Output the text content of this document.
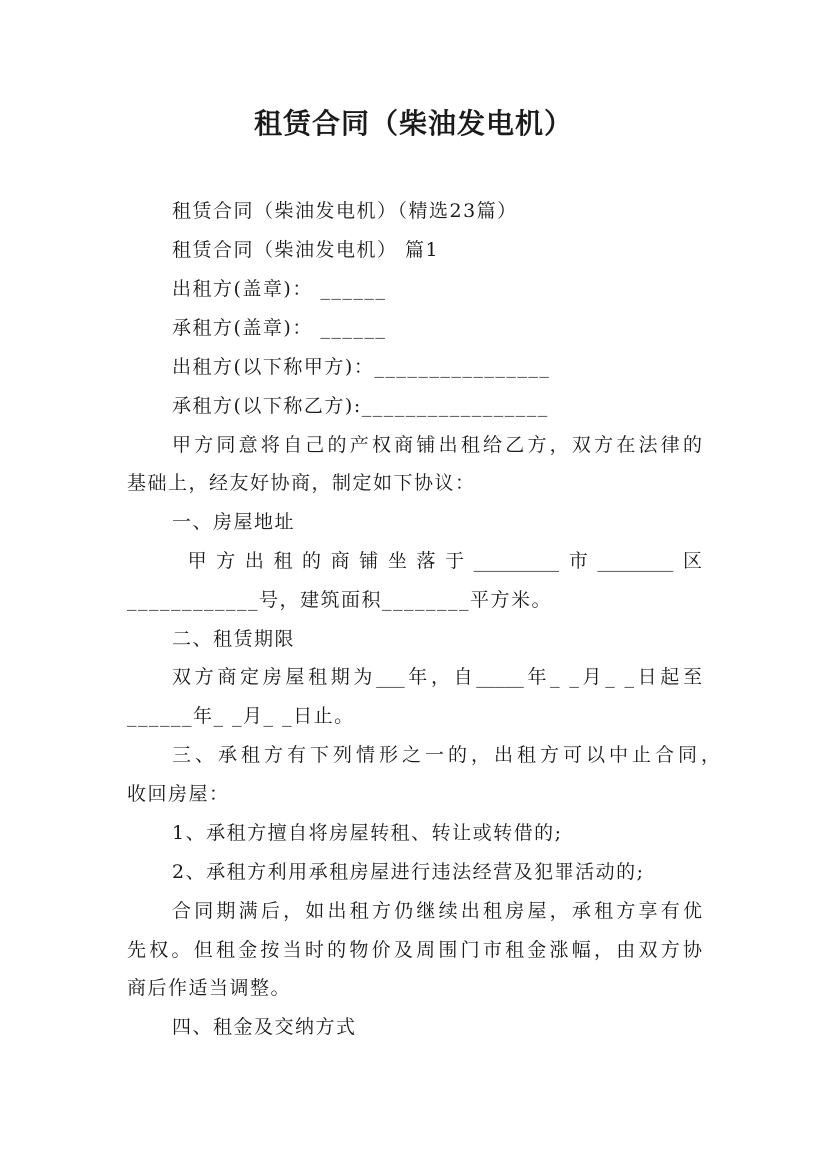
租赁合同（柴油发电机）
租赁合同（柴油发电机）（精选23篇）
租赁合同（柴油发电机） 篇1
出租方(盖章)： ______
承租方(盖章)： ______
出租方(以下称甲方)：________________
承租方(以下称乙方):_________________
甲方同意将自己的产权商铺出租给乙方，双方在法律的
基础上，经友好协商，制定如下协议：
一、房屋地址
甲方出租的商铺坐落于_________市________区
____________号，建筑面积________平方米。
二、租赁期限
双方商定房屋租期为___年，自_____年_ _月_ _日起至
______年_ _月_ _日止。
三、承租方有下列情形之一的，出租方可以中止合同，
收回房屋：
1、承租方擅自将房屋转租、转让或转借的;
2、承租方利用承租房屋进行违法经营及犯罪活动的;
合同期满后，如出租方仍继续出租房屋，承租方享有优
先权。但租金按当时的物价及周围门市租金涨幅，由双方协
商后作适当调整。
四、租金及交纳方式
